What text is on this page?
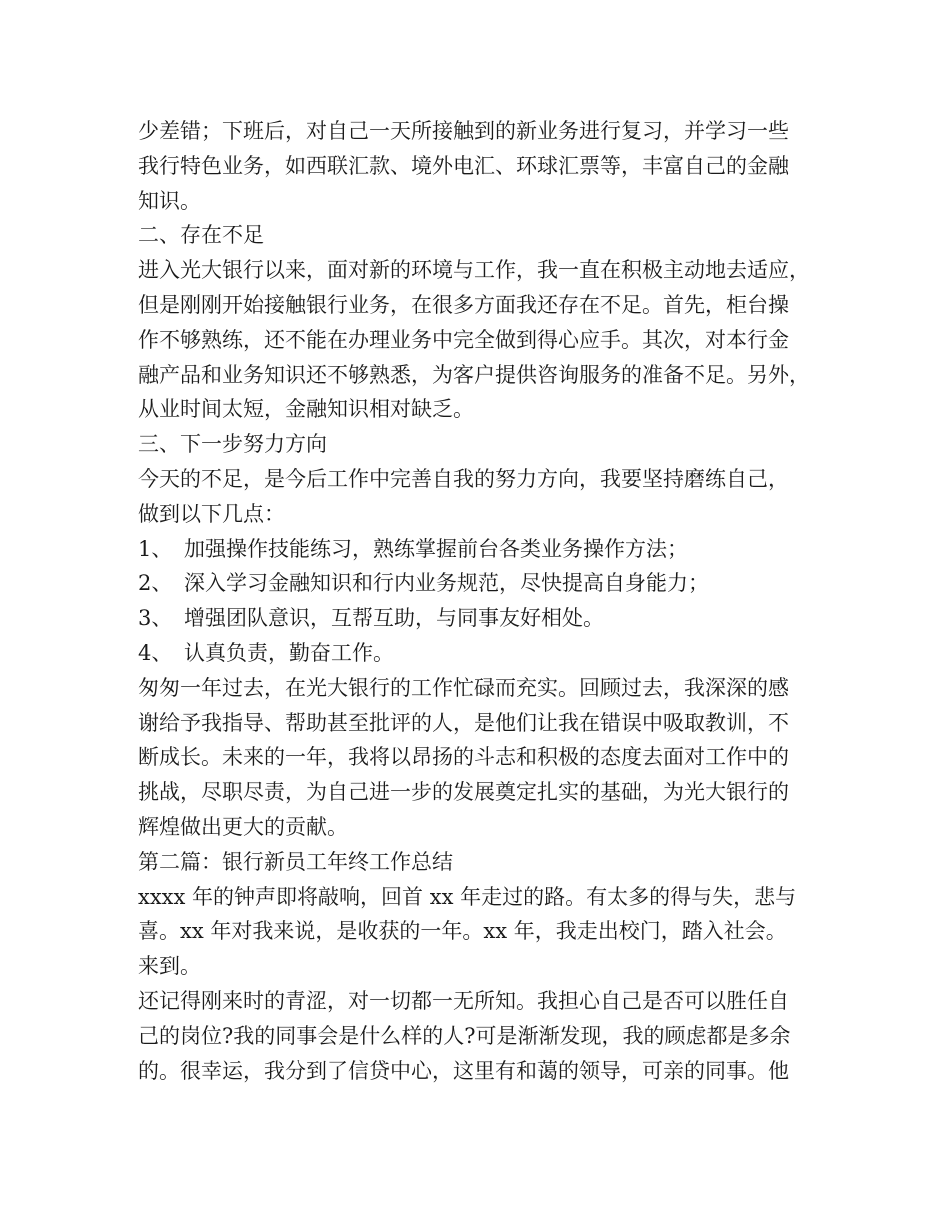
少差错；下班后，对自己一天所接触到的新业务进行复习，并学习一些
我行特色业务，如西联汇款、境外电汇、环球汇票等，丰富自己的金融
知识。
二、存在不足
进入光大银行以来，面对新的环境与工作，我一直在积极主动地去适应，
但是刚刚开始接触银行业务，在很多方面我还存在不足。首先，柜台操
作不够熟练，还不能在办理业务中完全做到得心应手。其次，对本行金
融产品和业务知识还不够熟悉，为客户提供咨询服务的准备不足。另外，
从业时间太短，金融知识相对缺乏。
三、下一步努力方向
今天的不足，是今后工作中完善自我的努力方向，我要坚持磨练自己，
做到以下几点：
1、 加强操作技能练习，熟练掌握前台各类业务操作方法；
2、 深入学习金融知识和行内业务规范，尽快提高自身能力；
3、 增强团队意识，互帮互助，与同事友好相处。
4、 认真负责，勤奋工作。
匆匆一年过去，在光大银行的工作忙碌而充实。回顾过去，我深深的感
谢给予我指导、帮助甚至批评的人，是他们让我在错误中吸取教训，不
断成长。未来的一年，我将以昂扬的斗志和积极的态度去面对工作中的
挑战，尽职尽责，为自己进一步的发展奠定扎实的基础，为光大银行的
辉煌做出更大的贡献。
第二篇：银行新员工年终工作总结
xxxx 年的钟声即将敲响，回首 xx 年走过的路。有太多的得与失，悲与
喜。xx 年对我来说，是收获的一年。xx 年，我走出校门，踏入社会。
来到。
还记得刚来时的青涩，对一切都一无所知。我担心自己是否可以胜任自
己的岗位?我的同事会是什么样的人?可是渐渐发现，我的顾虑都是多余
的。很幸运，我分到了信贷中心，这里有和蔼的领导，可亲的同事。他
